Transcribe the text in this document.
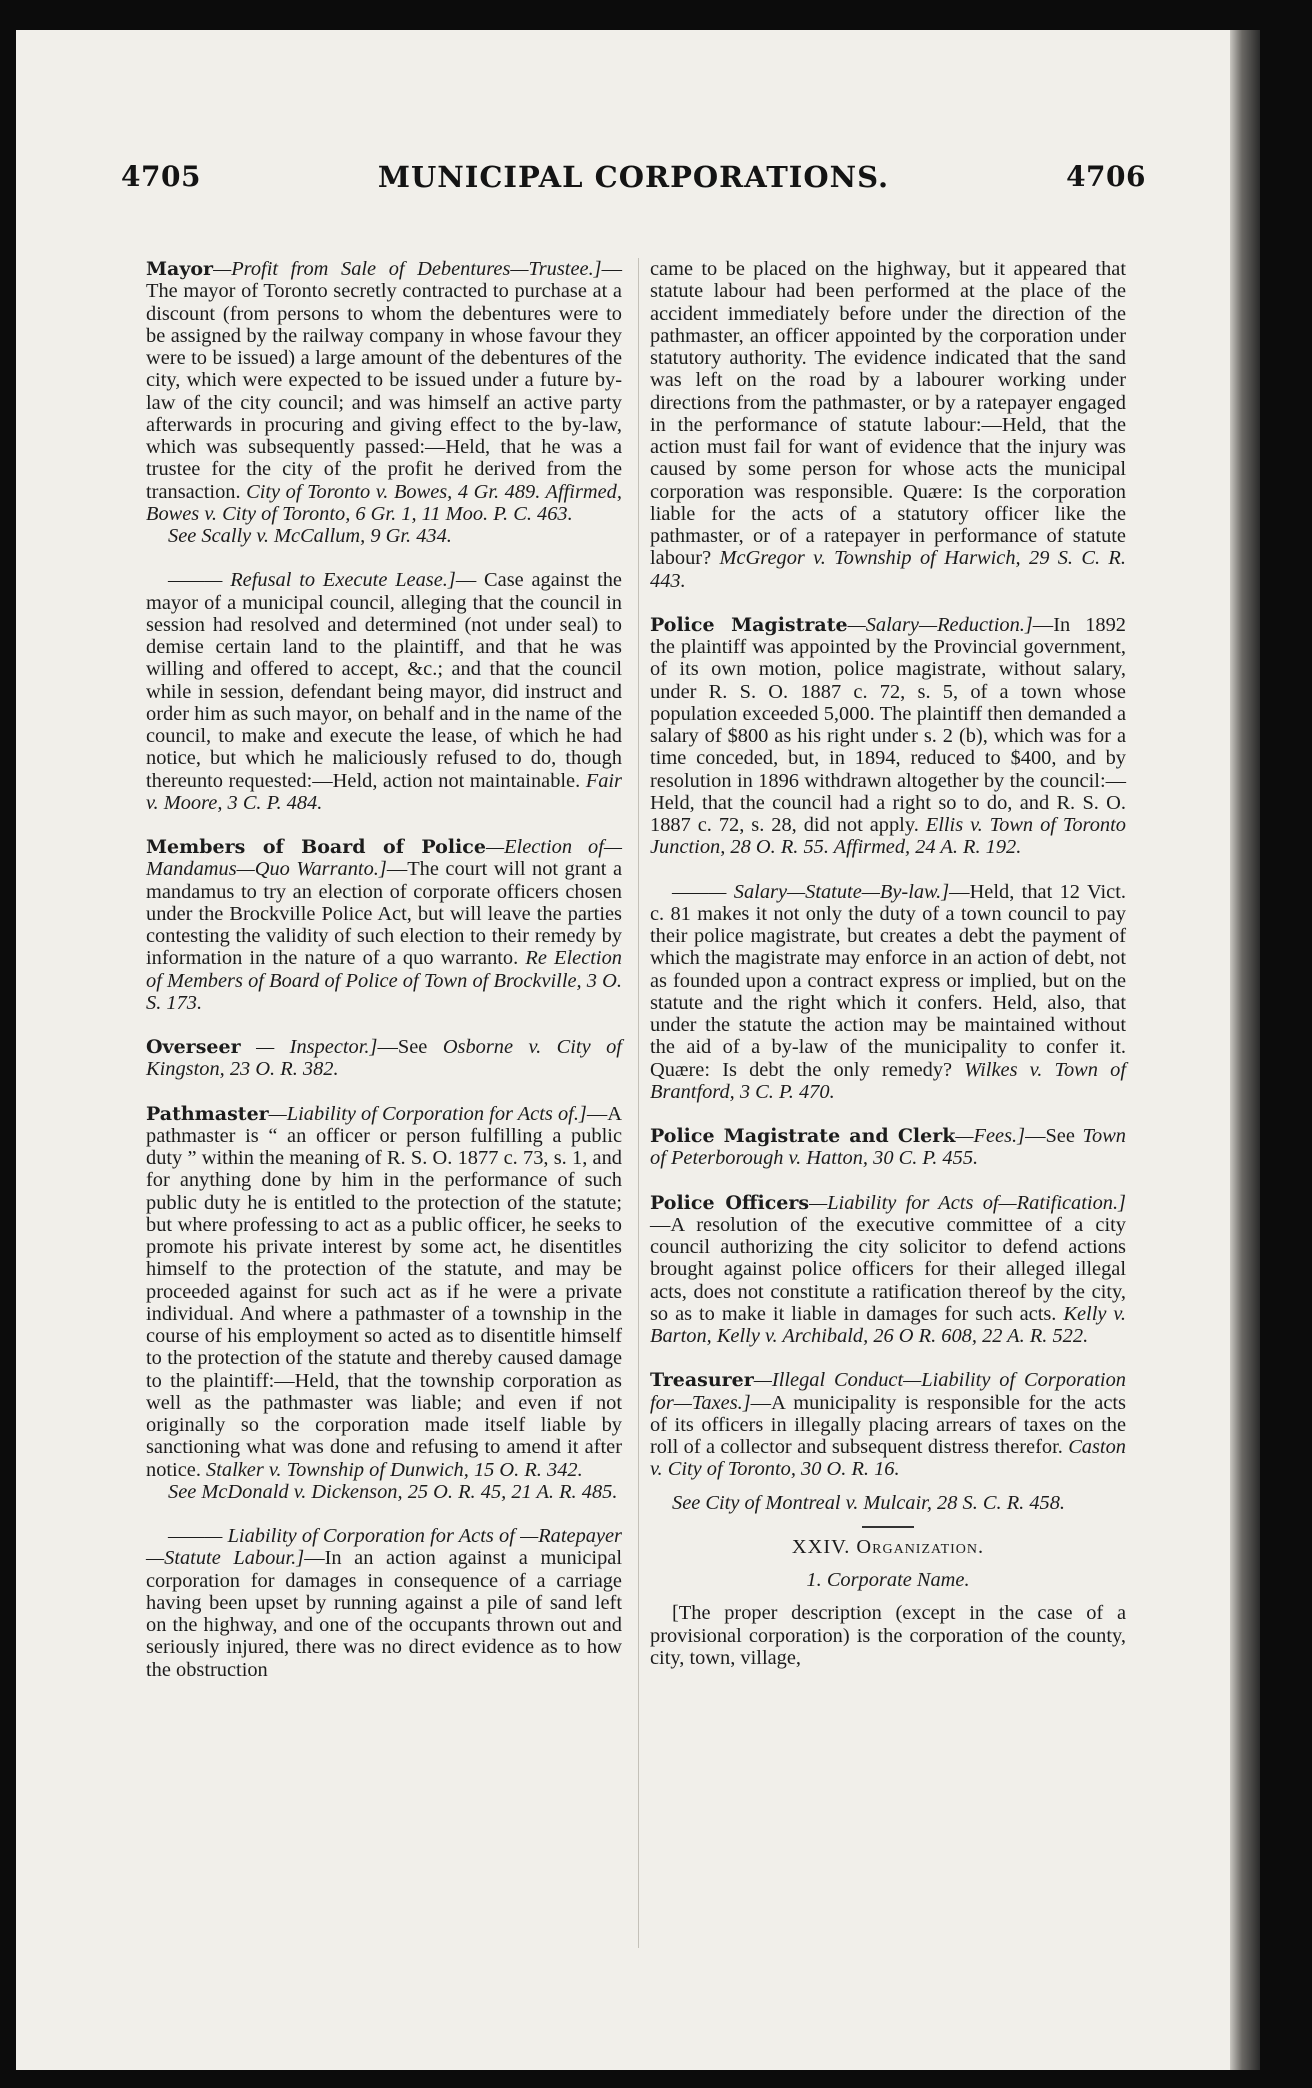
4705	MUNICIPAL CORPORATIONS.	4706

Mayor—Profit from Sale of Debentures—Trustee.]—The mayor of Toronto secretly contracted to purchase at a discount (from persons to whom the debentures were to be assigned by the railway company in whose favour they were to be issued) a large amount of the debentures of the city, which were expected to be issued under a future by-law of the city council; and was himself an active party afterwards in procuring and giving effect to the by-law, which was subsequently passed:—Held, that he was a trustee for the city of the profit he derived from the transaction. City of Toronto v. Bowes, 4 Gr. 489. Affirmed, Bowes v. City of Toronto, 6 Gr. 1, 11 Moo. P. C. 463.

See Scally v. McCallum, 9 Gr. 434.

——— Refusal to Execute Lease.]— Case against the mayor of a municipal council, alleging that the council in session had resolved and determined (not under seal) to demise certain land to the plaintiff, and that he was willing and offered to accept, &c.; and that the council while in session, defendant being mayor, did instruct and order him as such mayor, on behalf and in the name of the council, to make and execute the lease, of which he had notice, but which he maliciously refused to do, though thereunto requested:—Held, action not maintainable. Fair v. Moore, 3 C. P. 484.

Members of Board of Police—Election of—Mandamus—Quo Warranto.]—The court will not grant a mandamus to try an election of corporate officers chosen under the Brockville Police Act, but will leave the parties contesting the validity of such election to their remedy by information in the nature of a quo warranto. Re Election of Members of Board of Police of Town of Brockville, 3 O. S. 173.

Overseer — Inspector.]—See Osborne v. City of Kingston, 23 O. R. 382.

Pathmaster—Liability of Corporation for Acts of.]—A pathmaster is “ an officer or person fulfilling a public duty ” within the meaning of R. S. O. 1877 c. 73, s. 1, and for anything done by him in the performance of such public duty he is entitled to the protection of the statute; but where professing to act as a public officer, he seeks to promote his private interest by some act, he disentitles himself to the protection of the statute, and may be proceeded against for such act as if he were a private individual. And where a pathmaster of a township in the course of his employment so acted as to disentitle himself to the protection of the statute and thereby caused damage to the plaintiff:—Held, that the township corporation as well as the pathmaster was liable; and even if not originally so the corporation made itself liable by sanctioning what was done and refusing to amend it after notice. Stalker v. Township of Dunwich, 15 O. R. 342.

See McDonald v. Dickenson, 25 O. R. 45, 21 A. R. 485.

——— Liability of Corporation for Acts of —Ratepayer—Statute Labour.]—In an action against a municipal corporation for damages in consequence of a carriage having been upset by running against a pile of sand left on the highway, and one of the occupants thrown out and seriously injured, there was no direct evidence as to how the obstruction

came to be placed on the highway, but it appeared that statute labour had been performed at the place of the accident immediately before under the direction of the pathmaster, an officer appointed by the corporation under statutory authority. The evidence indicated that the sand was left on the road by a labourer working under directions from the pathmaster, or by a ratepayer engaged in the performance of statute labour:—Held, that the action must fail for want of evidence that the injury was caused by some person for whose acts the municipal corporation was responsible. Quære: Is the corporation liable for the acts of a statutory officer like the pathmaster, or of a ratepayer in performance of statute labour? McGregor v. Township of Harwich, 29 S. C. R. 443.

Police Magistrate—Salary—Reduction.]—In 1892 the plaintiff was appointed by the Provincial government, of its own motion, police magistrate, without salary, under R. S. O. 1887 c. 72, s. 5, of a town whose population exceeded 5,000. The plaintiff then demanded a salary of $800 as his right under s. 2 (b), which was for a time conceded, but, in 1894, reduced to $400, and by resolution in 1896 withdrawn altogether by the council:—Held, that the council had a right so to do, and R. S. O. 1887 c. 72, s. 28, did not apply. Ellis v. Town of Toronto Junction, 28 O. R. 55. Affirmed, 24 A. R. 192.

——— Salary—Statute—By-law.]—Held, that 12 Vict. c. 81 makes it not only the duty of a town council to pay their police magistrate, but creates a debt the payment of which the magistrate may enforce in an action of debt, not as founded upon a contract express or implied, but on the statute and the right which it confers. Held, also, that under the statute the action may be maintained without the aid of a by-law of the municipality to confer it. Quære: Is debt the only remedy? Wilkes v. Town of Brantford, 3 C. P. 470.

Police Magistrate and Clerk—Fees.]—See Town of Peterborough v. Hatton, 30 C. P. 455.

Police Officers—Liability for Acts of—Ratification.]—A resolution of the executive committee of a city council authorizing the city solicitor to defend actions brought against police officers for their alleged illegal acts, does not constitute a ratification thereof by the city, so as to make it liable in damages for such acts. Kelly v. Barton, Kelly v. Archibald, 26 O R. 608, 22 A. R. 522.

Treasurer—Illegal Conduct—Liability of Corporation for—Taxes.]—A municipality is responsible for the acts of its officers in illegally placing arrears of taxes on the roll of a collector and subsequent distress therefor. Caston v. City of Toronto, 30 O. R. 16.

See City of Montreal v. Mulcair, 28 S. C. R. 458.

XXIV. Organization.

1. Corporate Name.

[The proper description (except in the case of a provisional corporation) is the corporation of the county, city, town, village,
